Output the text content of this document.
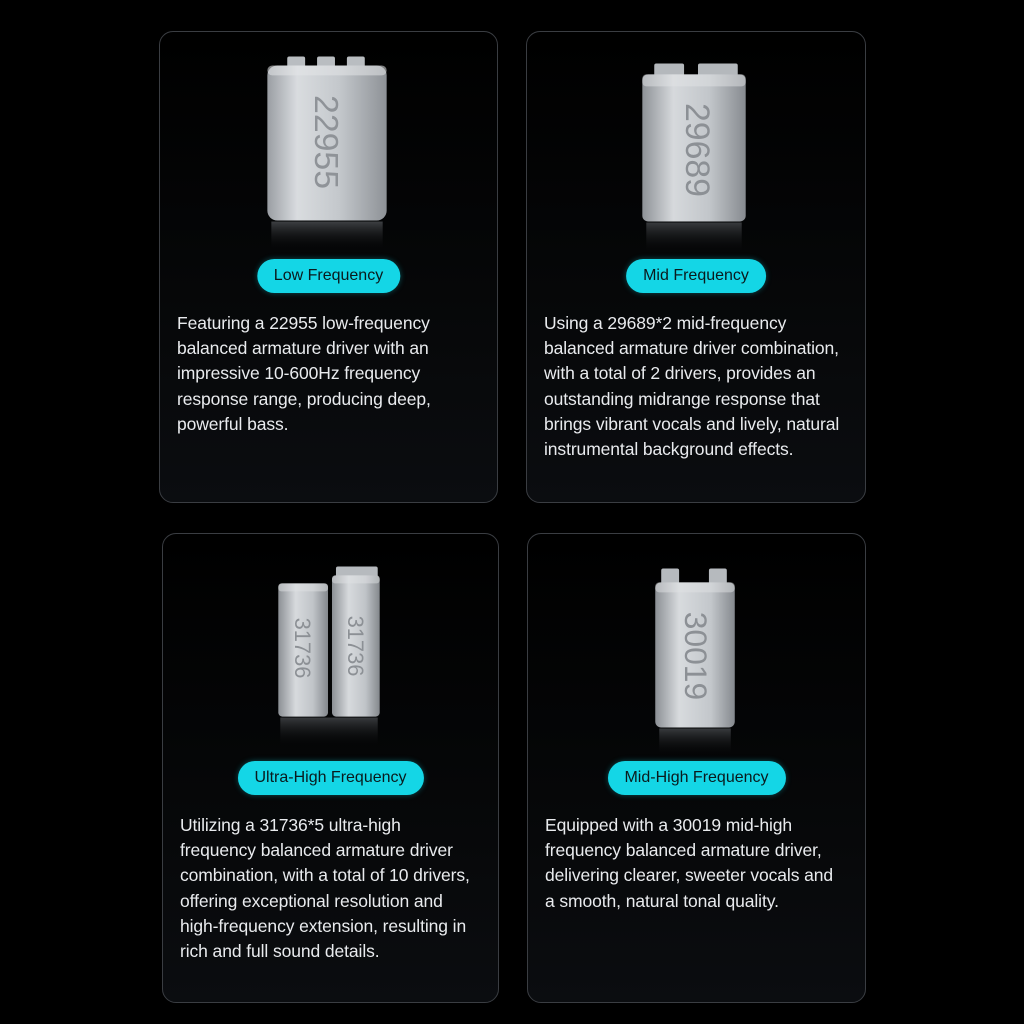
22955
Low Frequency

Featuring a 22955 low-frequency balanced armature driver with an impressive 10-600Hz frequency response range, producing deep, powerful bass.

29689
Mid Frequency

Using a 29689*2 mid-frequency balanced armature driver combination, with a total of 2 drivers, provides an outstanding midrange response that brings vibrant vocals and lively, natural instrumental background effects.

31736 31736
Ultra-High Frequency

Utilizing a 31736*5 ultra-high frequency balanced armature driver combination, with a total of 10 drivers, offering exceptional resolution and high-frequency extension, resulting in rich and full sound details.

30019
Mid-High Frequency

Equipped with a 30019 mid-high frequency balanced armature driver, delivering clearer, sweeter vocals and a smooth, natural tonal quality.
